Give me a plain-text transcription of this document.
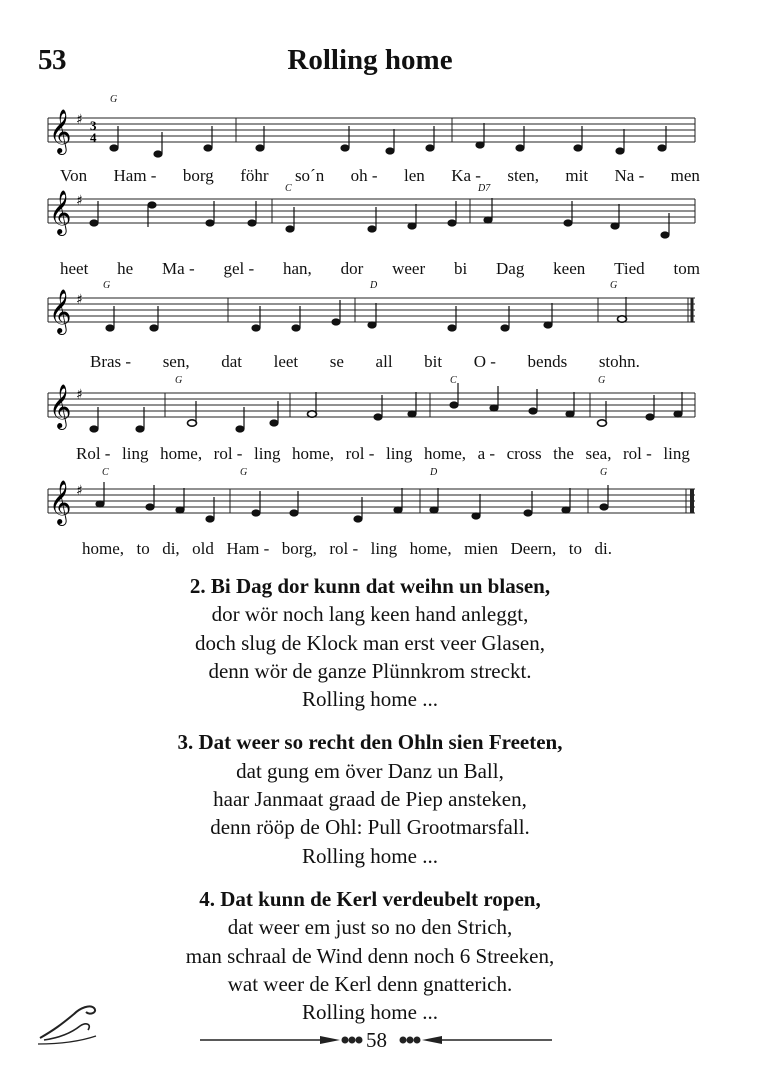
53	Rolling home
𝄞 ♯ 3
4
G
Von Ham - borg föhr so´n oh - len Ka - sten, mit Na - men
𝄞 ♯
C	D7
heet he Ma - gel - han, dor weer bi Dag keen Tied tom
𝄞 ♯
G	D	G
Bras - sen, dat leet se all bit O - bends stohn.
𝄞 ♯
G	C	G
Rol - ling home, rol - ling home, rol - ling home, a - cross the sea, rol - ling
𝄞 ♯
C	G	D	G
home, to di, old Ham - borg, rol - ling home, mien Deern, to di.
2. Bi Dag dor kunn dat weihn un blasen,
dor wör noch lang keen hand anleggt,
doch slug de Klock man erst veer Glasen,
denn wör de ganze Plünnkrom streckt.
Rolling home ...
3. Dat weer so recht den Ohln sien Freeten,
dat gung em över Danz un Ball,
haar Janmaat graad de Piep ansteken,
denn rööp de Ohl: Pull Grootmarsfall.
Rolling home ...
4. Dat kunn de Kerl verdeubelt ropen,
dat weer em just so no den Strich,
man schraal de Wind denn noch 6 Streeken,
wat weer de Kerl denn gnatterich.
Rolling home ...
58
